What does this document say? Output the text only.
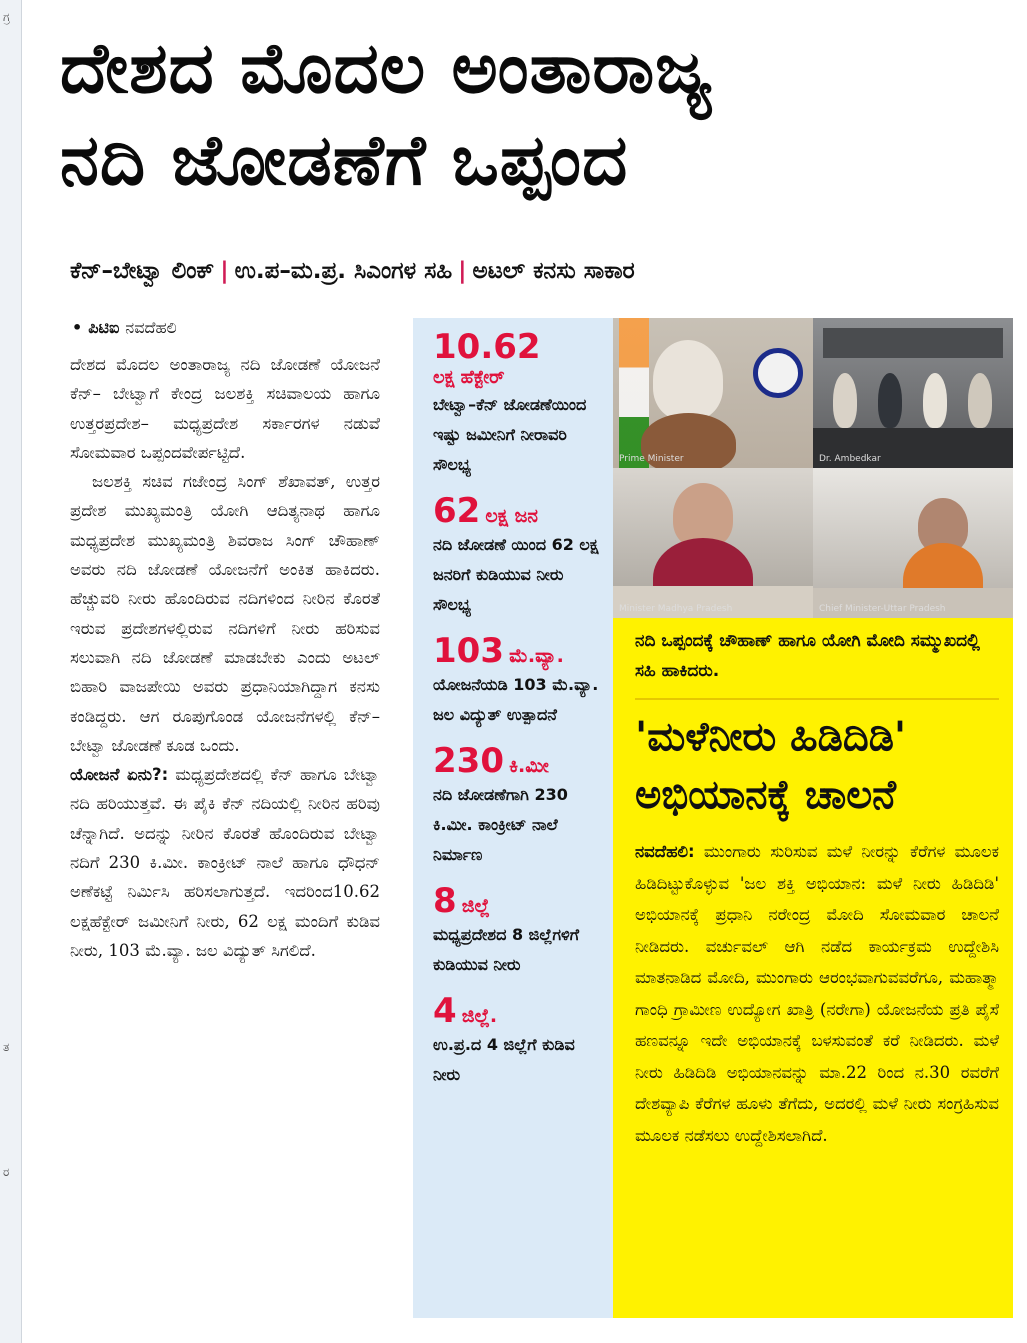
ಗ್ರ
ತ
ರ
ದೇಶದ ಮೊದಲ ಅಂತಾರಾಜ್ಯ
ನದಿ ಜೋಡಣೆಗೆ ಒಪ್ಪಂದ
ಕೆನ್–ಬೇಟ್ವಾ ಲಿಂಕ್ | ಉ.ಪ–ಮ.ಪ್ರ. ಸಿಎಂಗಳ ಸಹಿ | ಅಟಲ್ ಕನಸು ಸಾಕಾರ
• ಪಿಟಿಐ ನವದೆಹಲಿ

ದೇಶದ ಮೊದಲ ಅಂತಾರಾಜ್ಯ ನದಿ ಜೋಡಣೆ ಯೋಜನೆ ಕೆನ್– ಬೇಟ್ವಾಗೆ ಕೇಂದ್ರ ಜಲಶಕ್ತಿ ಸಚಿವಾಲಯ ಹಾಗೂ ಉತ್ತರಪ್ರದೇಶ– ಮಧ್ಯಪ್ರದೇಶ ಸರ್ಕಾರಗಳ ನಡುವೆ ಸೋಮವಾರ ಒಪ್ಪಂದವೇರ್ಪಟ್ಟಿದೆ.

ಜಲಶಕ್ತಿ ಸಚಿವ ಗಜೇಂದ್ರ ಸಿಂಗ್ ಶೆಖಾವತ್, ಉತ್ತರ ಪ್ರದೇಶ ಮುಖ್ಯಮಂತ್ರಿ ಯೋಗಿ ಆದಿತ್ಯನಾಥ ಹಾಗೂ ಮಧ್ಯಪ್ರದೇಶ ಮುಖ್ಯಮಂತ್ರಿ ಶಿವರಾಜ ಸಿಂಗ್ ಚೌಹಾಣ್ ಅವರು ನದಿ ಜೋಡಣೆ ಯೋಜನೆಗೆ ಅಂಕಿತ ಹಾಕಿದರು. ಹೆಚ್ಚುವರಿ ನೀರು ಹೊಂದಿರುವ ನದಿಗಳಿಂದ ನೀರಿನ ಕೊರತೆ ಇರುವ ಪ್ರದೇಶಗಳಲ್ಲಿರುವ ನದಿಗಳಿಗೆ ನೀರು ಹರಿಸುವ ಸಲುವಾಗಿ ನದಿ ಜೋಡಣೆ ಮಾಡಬೇಕು ಎಂದು ಅಟಲ್ ಬಿಹಾರಿ ವಾಜಪೇಯಿ ಅವರು ಪ್ರಧಾನಿಯಾಗಿದ್ದಾಗ ಕನಸು ಕಂಡಿದ್ದರು. ಆಗ ರೂಪುಗೊಂಡ ಯೋಜನೆಗಳಲ್ಲಿ ಕೆನ್– ಬೇಟ್ವಾ ಜೋಡಣೆ ಕೂಡ ಒಂದು.

ಯೋಜನೆ ಏನು?: ಮಧ್ಯಪ್ರದೇಶದಲ್ಲಿ ಕೆನ್ ಹಾಗೂ ಬೇಟ್ವಾ ನದಿ ಹರಿಯುತ್ತವೆ. ಈ ಪೈಕಿ ಕೆನ್ ನದಿಯಲ್ಲಿ ನೀರಿನ ಹರಿವು ಚೆನ್ನಾಗಿದೆ. ಅದನ್ನು ನೀರಿನ ಕೊರತೆ ಹೊಂದಿರುವ ಬೇಟ್ವಾ ನದಿಗೆ 230 ಕಿ.ಮೀ. ಕಾಂಕ್ರೀಟ್ ನಾಲೆ ಹಾಗೂ ಧೌಧನ್ ಅಣೆಕಟ್ಟೆ ನಿರ್ಮಿಸಿ ಹರಿಸಲಾಗುತ್ತದೆ. ಇದರಿಂದ10.62 ಲಕ್ಷಹೆಕ್ಟೇರ್ ಜಮೀನಿಗೆ ನೀರು, 62 ಲಕ್ಷ ಮಂದಿಗೆ ಕುಡಿವ ನೀರು, 103 ಮೆ.ವ್ಯಾ. ಜಲ ವಿದ್ಯುತ್ ಸಿಗಲಿದೆ.

10.62
ಲಕ್ಷ ಹೆಕ್ಟೇರ್
ಬೇಟ್ವಾ–ಕೆನ್ ಜೋಡಣೆಯಿಂದ ಇಷ್ಟು ಜಮೀನಿಗೆ ನೀರಾವರಿ ಸೌಲಭ್ಯ
62 ಲಕ್ಷ ಜನ
ನದಿ ಜೋಡಣೆ ಯಿಂದ 62 ಲಕ್ಷ ಜನರಿಗೆ ಕುಡಿಯುವ ನೀರು ಸೌಲಭ್ಯ
103 ಮೆ.ವ್ಯಾ.
ಯೋಜನೆಯಡಿ 103 ಮೆ.ವ್ಯಾ. ಜಲ ವಿದ್ಯುತ್ ಉತ್ಪಾದನೆ
230 ಕಿ.ಮೀ
ನದಿ ಜೋಡಣೆಗಾಗಿ 230 ಕಿ.ಮೀ. ಕಾಂಕ್ರೀಟ್ ನಾಲೆ ನಿರ್ಮಾಣ
8 ಜಿಲ್ಲೆ
ಮಧ್ಯಪ್ರದೇಶದ 8 ಜಿಲ್ಲೆಗಳಿಗೆ ಕುಡಿಯುವ ನೀರು
4 ಜಿಲ್ಲೆ.
ಉ.ಪ್ರ.ದ 4 ಜಿಲ್ಲೆಗೆ ಕುಡಿವ ನೀರು
Prime Minister	Dr. Ambedkar
Minister Madhya Pradesh	Chief Minister-Uttar Pradesh
ನದಿ ಒಪ್ಪಂದಕ್ಕೆ ಚೌಹಾಣ್ ಹಾಗೂ ಯೋಗಿ ಮೋದಿ ಸಮ್ಮುಖದಲ್ಲಿ ಸಹಿ ಹಾಕಿದರು.
'ಮಳೆನೀರು ಹಿಡಿದಿಡಿ' ಅಭಿಯಾನಕ್ಕೆ ಚಾಲನೆ
ನವದೆಹಲಿ: ಮುಂಗಾರು ಸುರಿಸುವ ಮಳೆ ನೀರನ್ನು ಕೆರೆಗಳ ಮೂಲಕ ಹಿಡಿದಿಟ್ಟುಕೊಳ್ಳುವ 'ಜಲ ಶಕ್ತಿ ಅಭಿಯಾನ: ಮಳೆ ನೀರು ಹಿಡಿದಿಡಿ' ಅಭಿಯಾನಕ್ಕೆ ಪ್ರಧಾನಿ ನರೇಂದ್ರ ಮೋದಿ ಸೋಮವಾರ ಚಾಲನೆ ನೀಡಿದರು. ವರ್ಚುವಲ್ ಆಗಿ ನಡೆದ ಕಾರ್ಯಕ್ರಮ ಉದ್ದೇಶಿಸಿ ಮಾತನಾಡಿದ ಮೋದಿ, ಮುಂಗಾರು ಆರಂಭವಾಗುವವರೆಗೂ, ಮಹಾತ್ಮಾ ಗಾಂಧಿ ಗ್ರಾಮೀಣ ಉದ್ಯೋಗ ಖಾತ್ರಿ (ನರೇಗಾ) ಯೋಜನೆಯ ಪ್ರತಿ ಪೈಸೆ ಹಣವನ್ನೂ ಇದೇ ಅಭಿಯಾನಕ್ಕೆ ಬಳಸುವಂತೆ ಕರೆ ನೀಡಿದರು. ಮಳೆ ನೀರು ಹಿಡಿದಿಡಿ ಅಭಿಯಾನವನ್ನು ಮಾ.22 ರಿಂದ ನ.30 ರವರೆಗೆ ದೇಶವ್ಯಾಪಿ ಕೆರೆಗಳ ಹೂಳು ತೆಗೆದು, ಅದರಲ್ಲಿ ಮಳೆ ನೀರು ಸಂಗ್ರಹಿಸುವ ಮೂಲಕ ನಡೆಸಲು ಉದ್ದೇಶಿಸಲಾಗಿದೆ.
